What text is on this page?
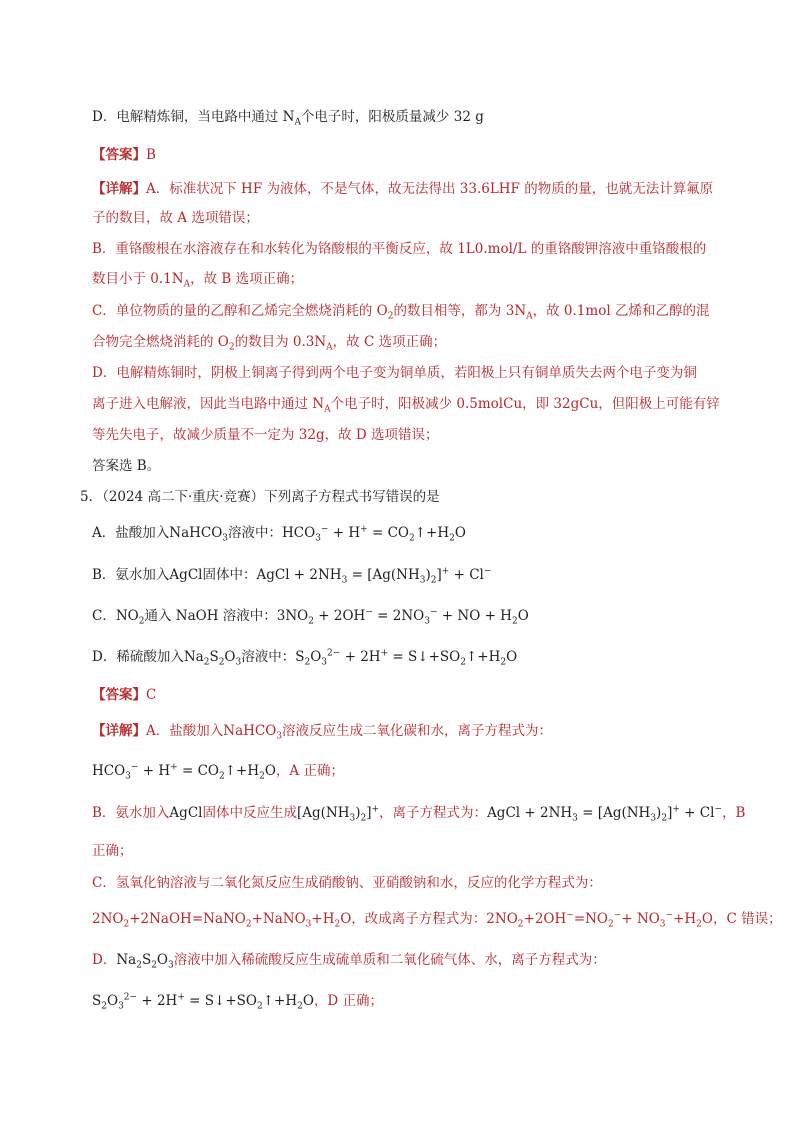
D．电解精炼铜，当电路中通过 $N_A$个电子时，阳极质量减少 32 g
【答案】B
【详解】A．标准状况下 HF 为液体，不是气体，故无法得出 33.6LHF 的物质的量，也就无法计算氟原
子的数目，故 A 选项错误；
B．重铬酸根在水溶液存在和水转化为铬酸根的平衡反应，故 1L0.mol/L 的重铬酸钾溶液中重铬酸根的
数目小于 $0.1N_A$，故 B 选项正确；
C．单位物质的量的乙醇和乙烯完全燃烧消耗的 $O_2$的数目相等，都为 $3N_A$，故 0.1mol 乙烯和乙醇的混
合物完全燃烧消耗的 $O_2$的数目为 $0.3N_A$，故 C 选项正确；
D．电解精炼铜时，阴极上铜离子得到两个电子变为铜单质，若阳极上只有铜单质失去两个电子变为铜
离子进入电解液，因此当电路中通过 $N_A$个电子时，阳极减少 0.5molCu，即 32gCu，但阳极上可能有锌
等先失电子，故减少质量不一定为 32g，故 D 选项错误；
答案选 B。
5．（2024 高二下·重庆·竞赛）下列离子方程式书写错误的是
A．盐酸加入NaHCO$_3$溶液中：$HCO_3^- + H^+$ = $CO_2↑+H_2O$
B．氨水加入AgCl固体中：AgCl + $2NH_3 = [Ag(NH_3)_2]^+ + Cl^-$
C．$NO_2$通入 NaOH 溶液中：$3NO_2 + 2OH^- = 2NO_3^-$ + NO + $H_2O$
D．稀硫酸加入$Na_2S_2O_3$溶液中：$S_2O_3^{2-} + 2H^+$ = $S↓+SO_2↑+H_2O$
【答案】C
【详解】A．盐酸加入NaHCO$_3$溶液反应生成二氧化碳和水，离子方程式为：
$HCO_3^- + H^+$ = $CO_2↑+H_2O$，A 正确；
B．氨水加入AgCl固体中反应生成$[Ag(NH_3)_2]^+$，离子方程式为：AgCl + $2NH_3 = [Ag(NH_3)_2]^+ + Cl^-$，B
正确；
C．氢氧化钠溶液与二氧化氮反应生成硝酸钠、亚硝酸钠和水，反应的化学方程式为：
$2NO_2+2NaOH=NaNO_2+NaNO_3+H_2O$，改成离子方程式为：$2NO_2+2OH^-=NO_2^-+ NO_3^-+H_2O$，C 错误；
D．$Na_2S_2O_3$溶液中加入稀硫酸反应生成硫单质和二氧化硫气体、水，离子方程式为：
$S_2O_3^{2-} + 2H^+$ = $S↓+SO_2↑+H_2O$，D 正确；
